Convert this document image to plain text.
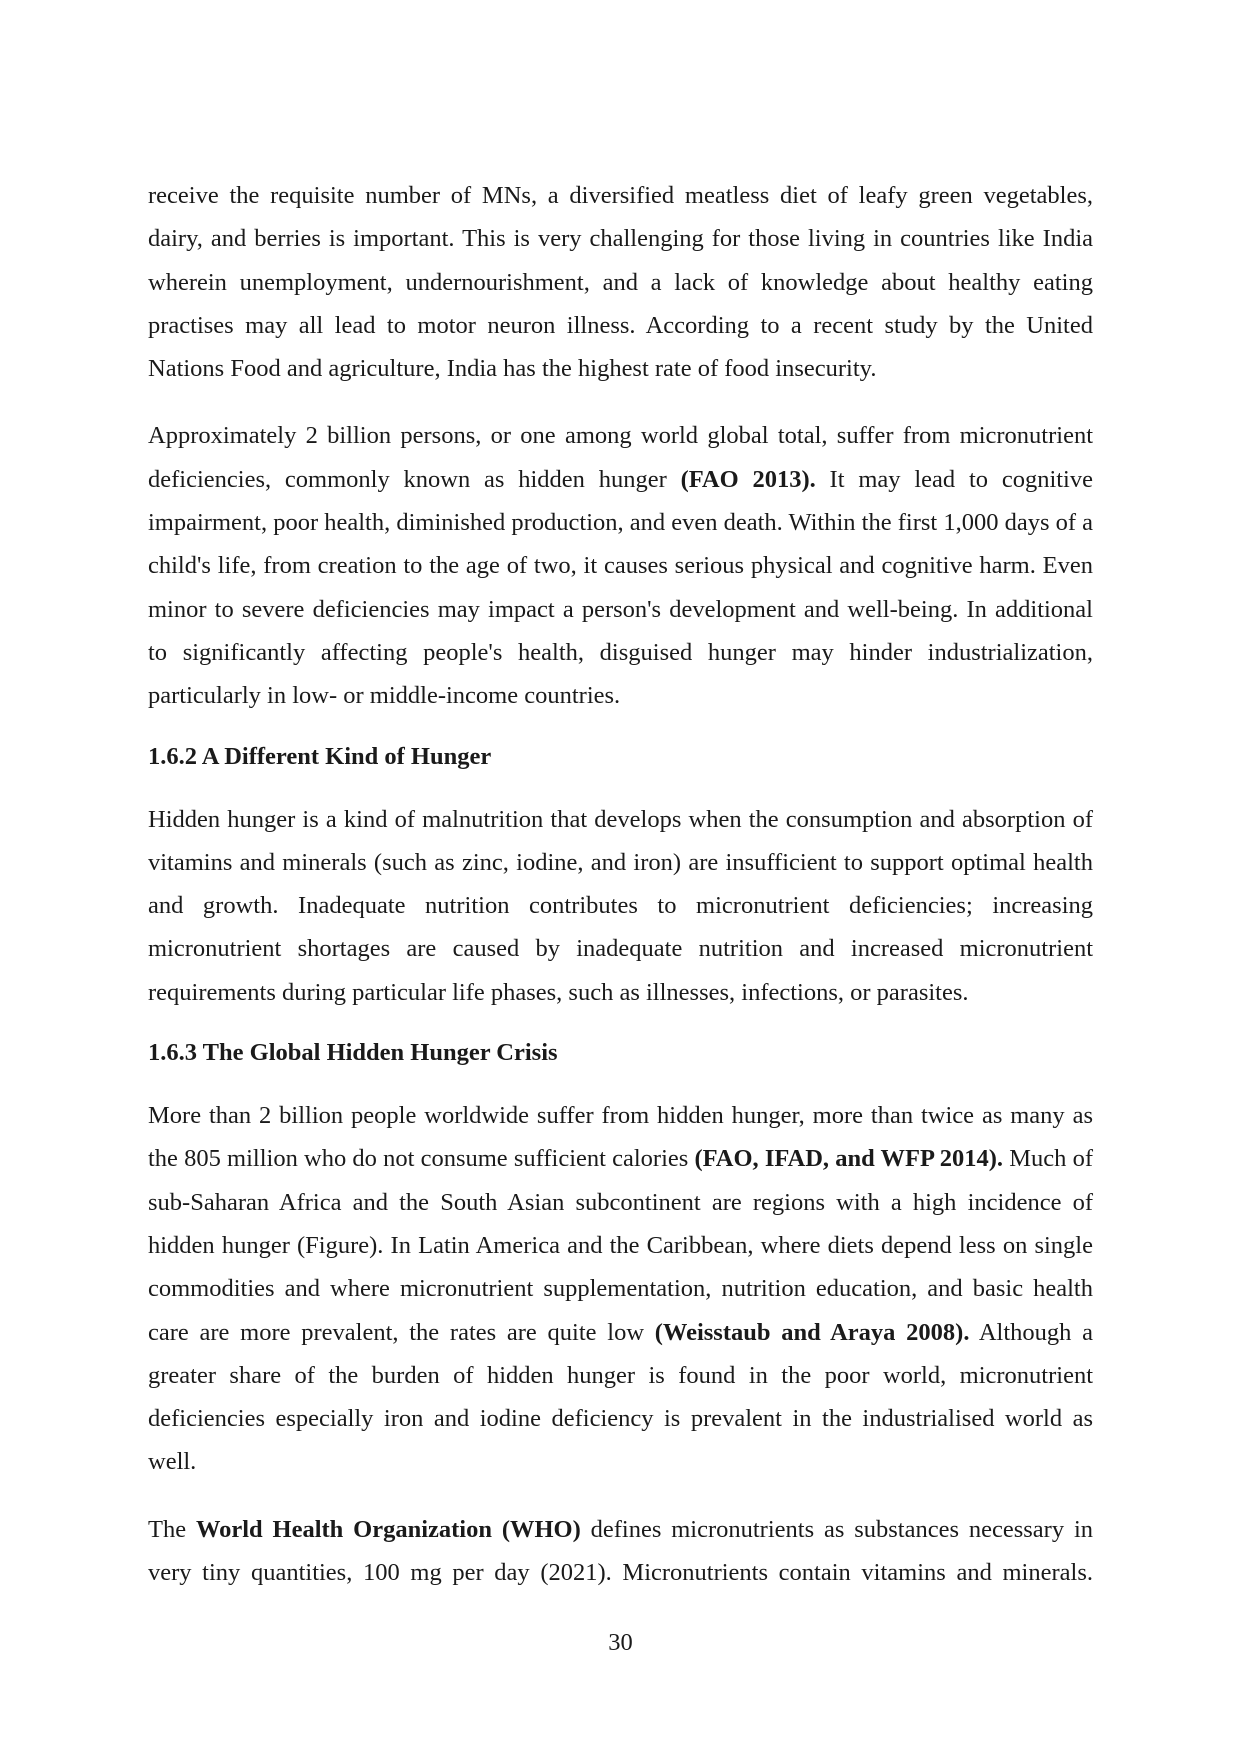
receive the requisite number of MNs, a diversified meatless diet of leafy green vegetables, dairy, and berries is important. This is very challenging for those living in countries like India wherein unemployment, undernourishment, and a lack of knowledge about healthy eating practises may all lead to motor neuron illness. According to a recent study by the United Nations Food and agriculture, India has the highest rate of food insecurity.

Approximately 2 billion persons, or one among world global total, suffer from micronutrient deficiencies, commonly known as hidden hunger (FAO 2013). It may lead to cognitive impairment, poor health, diminished production, and even death. Within the first 1,000 days of a child's life, from creation to the age of two, it causes serious physical and cognitive harm. Even minor to severe deficiencies may impact a person's development and well-being. In additional to significantly affecting people's health, disguised hunger may hinder industrialization, particularly in low- or middle-income countries.

1.6.2 A Different Kind of Hunger

Hidden hunger is a kind of malnutrition that develops when the consumption and absorption of vitamins and minerals (such as zinc, iodine, and iron) are insufficient to support optimal health and growth. Inadequate nutrition contributes to micronutrient deficiencies; increasing micronutrient shortages are caused by inadequate nutrition and increased micronutrient requirements during particular life phases, such as illnesses, infections, or parasites.

1.6.3 The Global Hidden Hunger Crisis

More than 2 billion people worldwide suffer from hidden hunger, more than twice as many as the 805 million who do not consume sufficient calories (FAO, IFAD, and WFP 2014). Much of sub-Saharan Africa and the South Asian subcontinent are regions with a high incidence of hidden hunger (Figure). In Latin America and the Caribbean, where diets depend less on single commodities and where micronutrient supplementation, nutrition education, and basic health care are more prevalent, the rates are quite low (Weisstaub and Araya 2008). Although a greater share of the burden of hidden hunger is found in the poor world, micronutrient deficiencies especially iron and iodine deficiency is prevalent in the industrialised world as well.

The World Health Organization (WHO) defines micronutrients as substances necessary in very tiny quantities, 100 mg per day (2021). Micronutrients contain vitamins and minerals.

30
